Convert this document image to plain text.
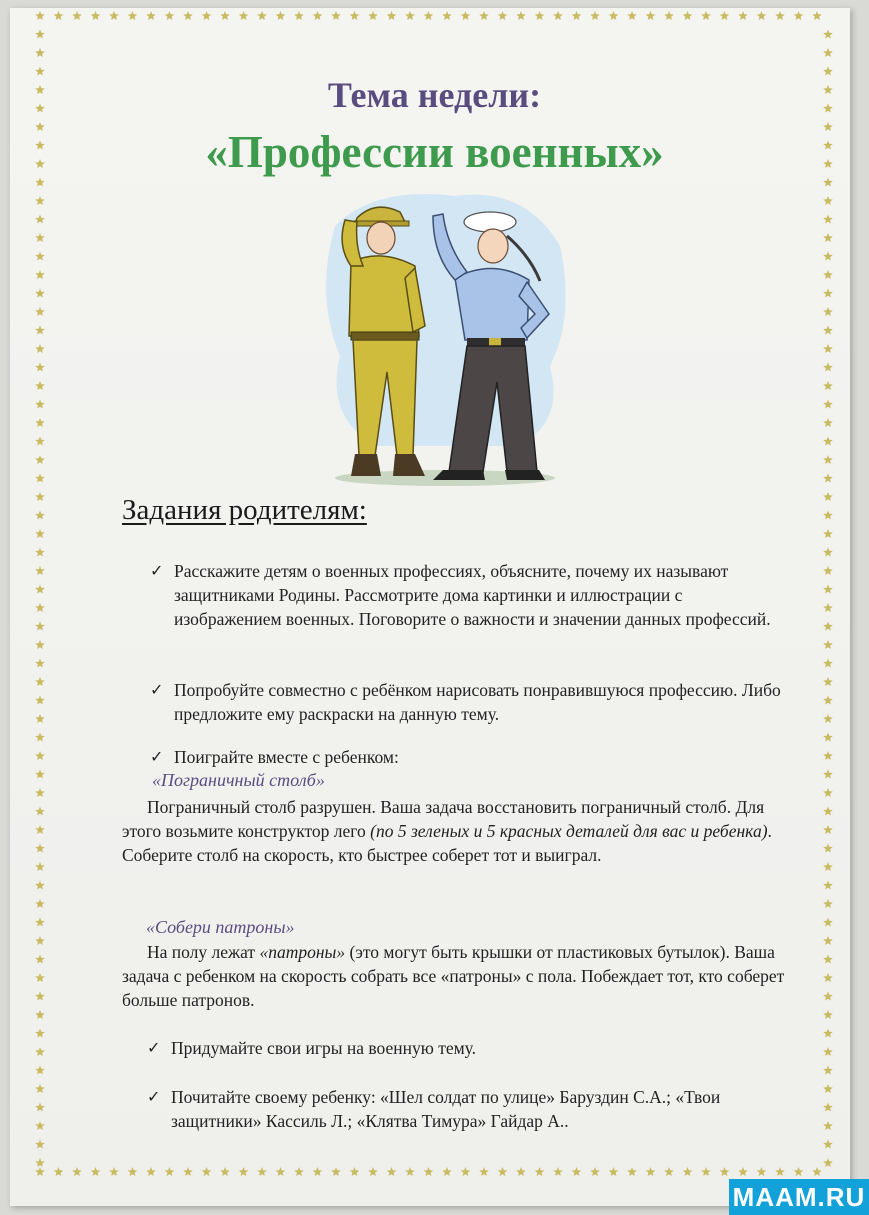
Тема недели:
«Профессии военных»
Задания родителям:
✓ Расскажите детям о военных профессиях, объясните, почему их называют защитниками Родины. Рассмотрите дома картинки и иллюстрации с изображением военных. Поговорите о важности и значении данных профессий.
✓ Попробуйте совместно с ребёнком нарисовать понравившуюся профессию. Либо предложите ему раскраски на данную тему.
✓ Поиграйте вместе с ребенком:
«Пограничный столб»
Пограничный столб разрушен. Ваша задача восстановить пограничный столб. Для этого возьмите конструктор лего (по 5 зеленых и 5 красных деталей для вас и ребенка). Соберите столб на скорость, кто быстрее соберет тот и выиграл.
«Собери патроны»
На полу лежат «патроны» (это могут быть крышки от пластиковых бутылок). Ваша задача с ребенком на скорость собрать все «патроны» с пола. Побеждает тот, кто соберет больше патронов.
✓ Придумайте свои игры на военную тему.
✓ Почитайте своему ребенку: «Шел солдат по улице» Баруздин С.А.; «Твои защитники» Кассиль Л.; «Клятва Тимура» Гайдар А..
MAAM.RU
